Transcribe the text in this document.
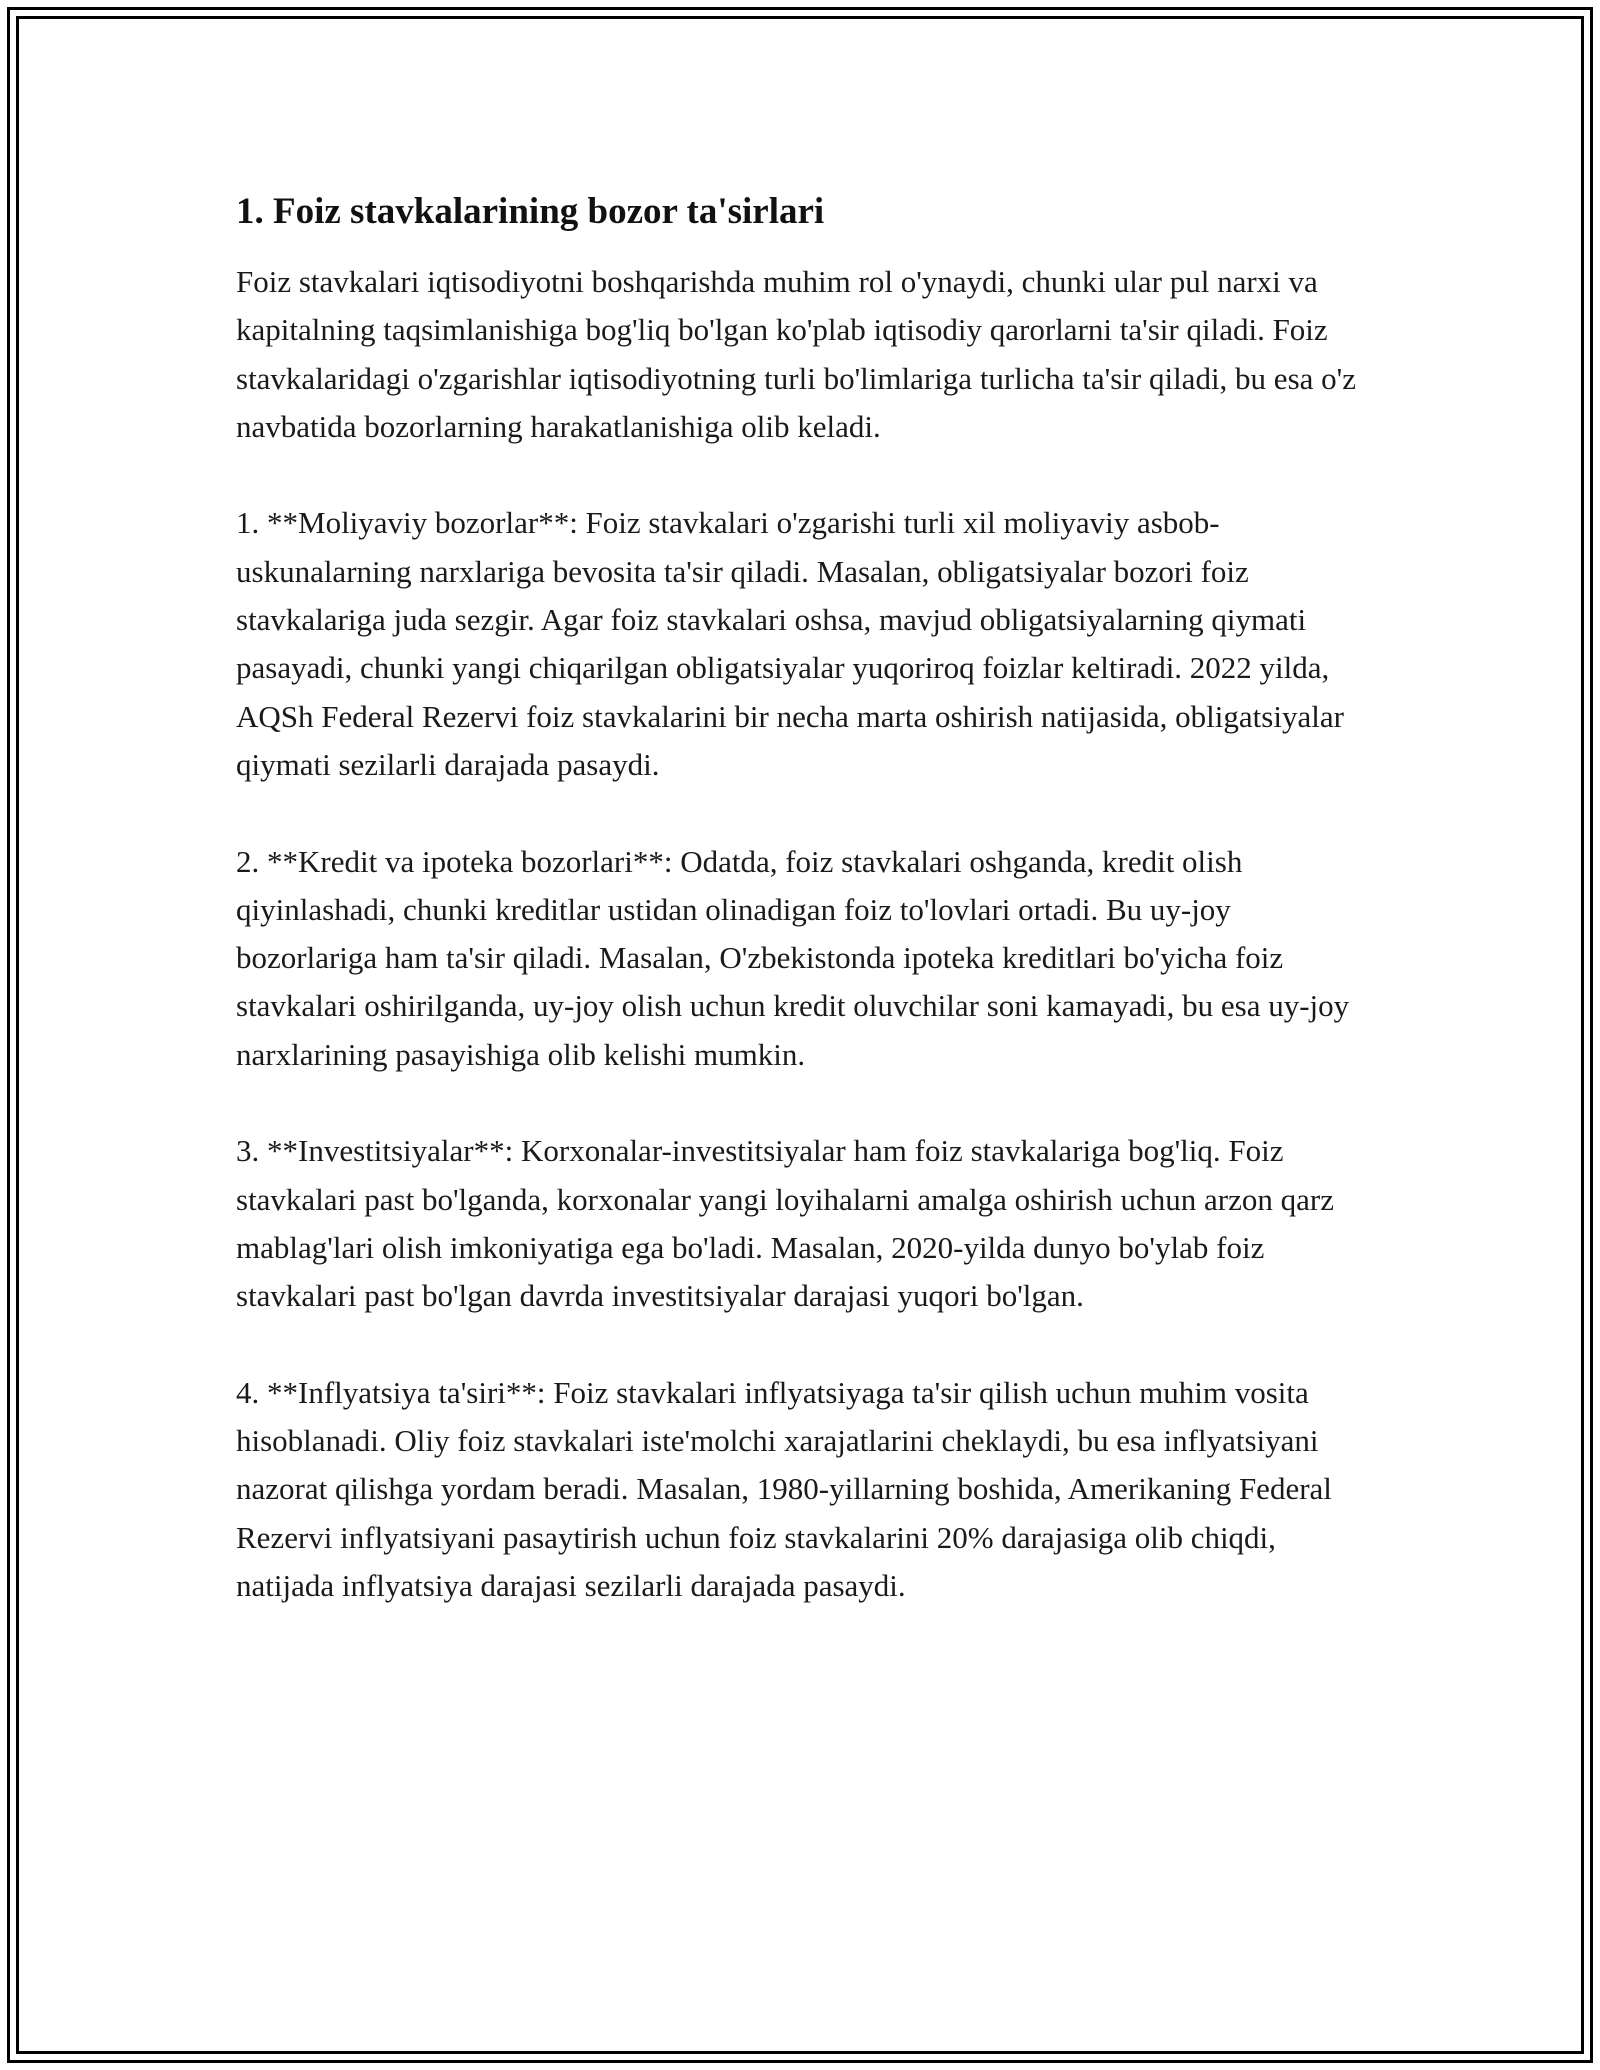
1. Foiz stavkalarining bozor ta'sirlari

Foiz stavkalari iqtisodiyotni boshqarishda muhim rol o'ynaydi, chunki ular pul narxi va kapitalning taqsimlanishiga bog'liq bo'lgan ko'plab iqtisodiy qarorlarni ta'sir qiladi. Foiz stavkalaridagi o'zgarishlar iqtisodiyotning turli bo'limlariga turlicha ta'sir qiladi, bu esa o'z navbatida bozorlarning harakatlanishiga olib keladi.

1. **Moliyaviy bozorlar**: Foiz stavkalari o'zgarishi turli xil moliyaviy asbob-uskunalarning narxlariga bevosita ta'sir qiladi. Masalan, obligatsiyalar bozori foiz stavkalariga juda sezgir. Agar foiz stavkalari oshsa, mavjud obligatsiyalarning qiymati pasayadi, chunki yangi chiqarilgan obligatsiyalar yuqoriroq foizlar keltiradi. 2022 yilda, AQSh Federal Rezervi foiz stavkalarini bir necha marta oshirish natijasida, obligatsiyalar qiymati sezilarli darajada pasaydi.

2. **Kredit va ipoteka bozorlari**: Odatda, foiz stavkalari oshganda, kredit olish qiyinlashadi, chunki kreditlar ustidan olinadigan foiz to'lovlari ortadi. Bu uy-joy bozorlariga ham ta'sir qiladi. Masalan, O'zbekistonda ipoteka kreditlari bo'yicha foiz stavkalari oshirilganda, uy-joy olish uchun kredit oluvchilar soni kamayadi, bu esa uy-joy narxlarining pasayishiga olib kelishi mumkin.

3. **Investitsiyalar**: Korxonalar-investitsiyalar ham foiz stavkalariga bog'liq. Foiz stavkalari past bo'lganda, korxonalar yangi loyihalarni amalga oshirish uchun arzon qarz mablag'lari olish imkoniyatiga ega bo'ladi. Masalan, 2020-yilda dunyo bo'ylab foiz stavkalari past bo'lgan davrda investitsiyalar darajasi yuqori bo'lgan.

4. **Inflyatsiya ta'siri**: Foiz stavkalari inflyatsiyaga ta'sir qilish uchun muhim vosita hisoblanadi. Oliy foiz stavkalari iste'molchi xarajatlarini cheklaydi, bu esa inflyatsiyani nazorat qilishga yordam beradi. Masalan, 1980-yillarning boshida, Amerikaning Federal Rezervi inflyatsiyani pasaytirish uchun foiz stavkalarini 20% darajasiga olib chiqdi, natijada inflyatsiya darajasi sezilarli darajada pasaydi.
